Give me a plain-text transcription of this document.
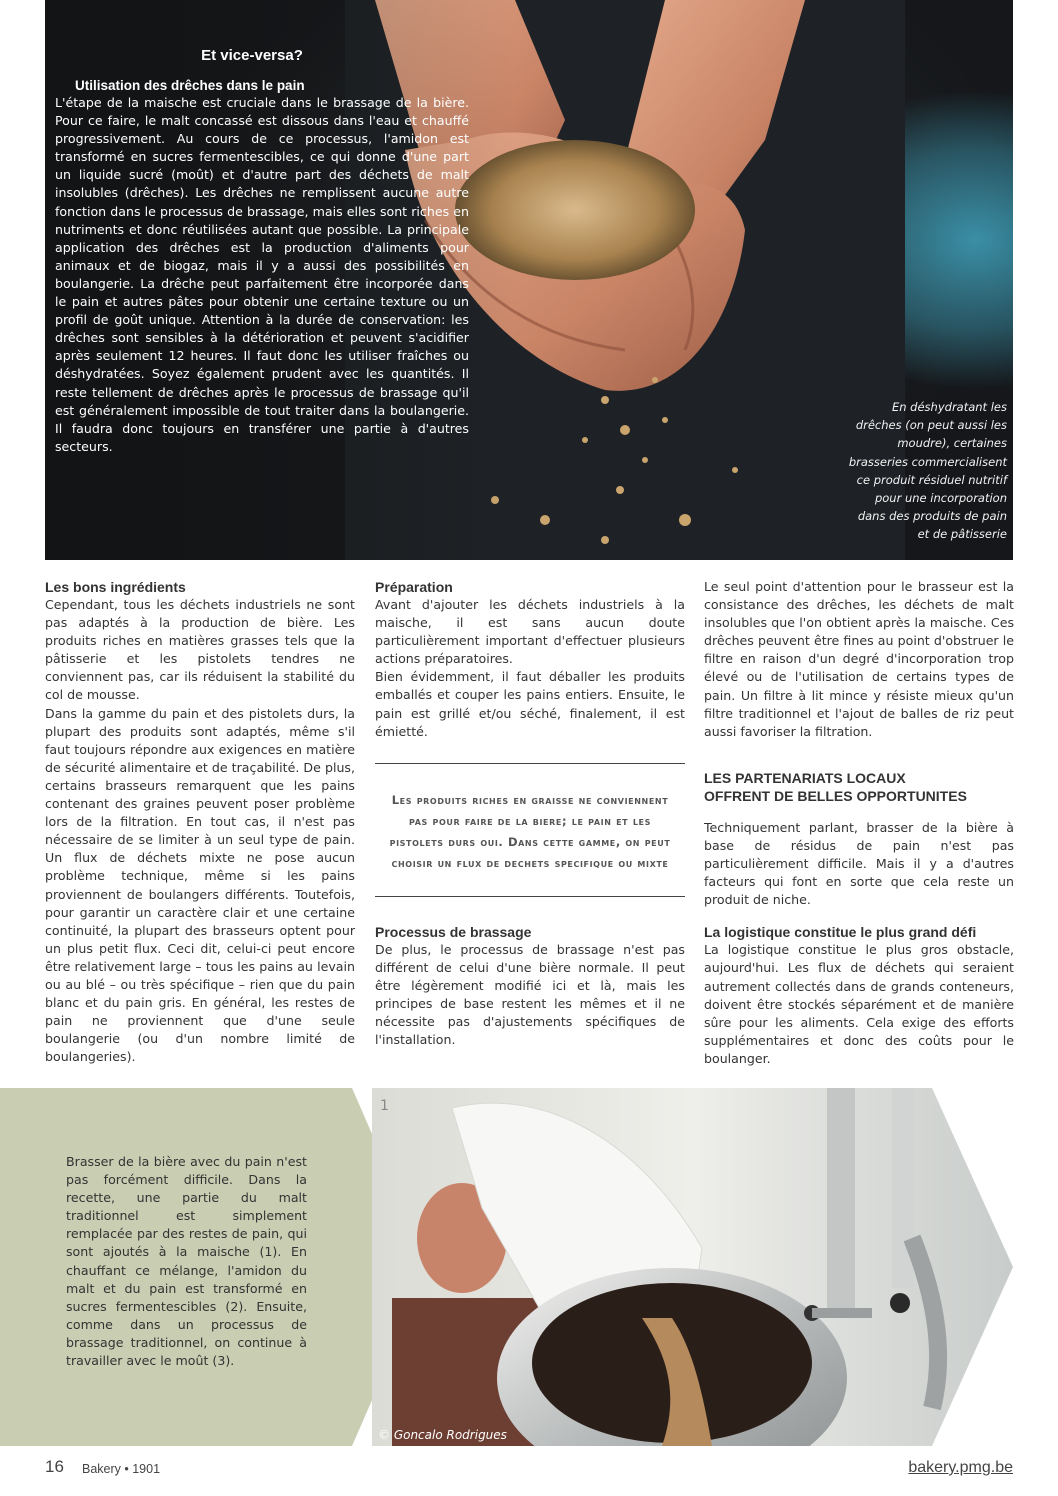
Et vice-versa?
Utilisation des drêches dans le pain
L'étape de la maische est cruciale dans le brassage de la bière. Pour ce faire, le malt concassé est dissous dans l'eau et chauffé progressivement. Au cours de ce processus, l'amidon est transformé en sucres fermentescibles, ce qui donne d'une part un liquide sucré (moût) et d'autre part des déchets de malt insolubles (drêches). Les drêches ne remplissent aucune autre fonction dans le processus de brassage, mais elles sont riches en nutriments et donc réutilisées autant que possible. La principale application des drêches est la production d'aliments pour animaux et de biogaz, mais il y a aussi des possibilités en boulangerie. La drêche peut parfaitement être incorporée dans le pain et autres pâtes pour obtenir une certaine texture ou un profil de goût unique. Attention à la durée de conservation: les drêches sont sensibles à la détérioration et peuvent s'acidifier après seulement 12 heures. Il faut donc les utiliser fraîches ou déshydratées. Soyez également prudent avec les quantités. Il reste tellement de drêches après le processus de brassage qu'il est généralement impossible de tout traiter dans la boulangerie. Il faudra donc toujours en transférer une partie à d'autres secteurs.
En déshydratant les drêches (on peut aussi les moudre), certaines brasseries commercialisent ce produit résiduel nutritif pour une incorporation dans des produits de pain et de pâtisserie
Les bons ingrédients

Cependant, tous les déchets industriels ne sont pas adaptés à la production de bière. Les produits riches en matières grasses tels que la pâtisserie et les pistolets tendres ne conviennent pas, car ils réduisent la stabilité du col de mousse.

Dans la gamme du pain et des pistolets durs, la plupart des produits sont adaptés, même s'il faut toujours répondre aux exigences en matière de sécurité alimentaire et de traçabilité. De plus, certains brasseurs remarquent que les pains contenant des graines peuvent poser problème lors de la filtration. En tout cas, il n'est pas nécessaire de se limiter à un seul type de pain. Un flux de déchets mixte ne pose aucun problème technique, même si les pains proviennent de boulangers différents. Toutefois, pour garantir un caractère clair et une certaine continuité, la plupart des brasseurs optent pour un plus petit flux. Ceci dit, celui-ci peut encore être relativement large – tous les pains au levain ou au blé – ou très spécifique – rien que du pain blanc et du pain gris. En général, les restes de pain ne proviennent que d'une seule boulangerie (ou d'un nombre limité de boulangeries).

Préparation

Avant d'ajouter les déchets industriels à la maische, il est sans aucun doute particulièrement important d'effectuer plusieurs actions préparatoires.

Bien évidemment, il faut déballer les produits emballés et couper les pains entiers. Ensuite, le pain est grillé et/ou séché, finalement, il est émietté.

Les produits riches en graisse ne conviennent pas pour faire de la biere; le pain et les pistolets durs oui. Dans cette gamme, on peut choisir un flux de dechets specifique ou mixte
Processus de brassage

De plus, le processus de brassage n'est pas différent de celui d'une bière normale. Il peut être légèrement modifié ici et là, mais les principes de base restent les mêmes et il ne nécessite pas d'ajustements spécifiques de l'installation.

Le seul point d'attention pour le brasseur est la consistance des drêches, les déchets de malt insolubles que l'on obtient après la maische. Ces drêches peuvent être fines au point d'obstruer le filtre en raison d'un degré d'incorporation trop élevé ou de l'utilisation de certains types de pain. Un filtre à lit mince y résiste mieux qu'un filtre traditionnel et l'ajout de balles de riz peut aussi favoriser la filtration.

LES PARTENARIATS LOCAUX
OFFRENT DE BELLES OPPORTUNITES

Techniquement parlant, brasser de la bière à base de résidus de pain n'est pas particulièrement difficile. Mais il y a d'autres facteurs qui font en sorte que cela reste un produit de niche.

La logistique constitue le plus grand défi

La logistique constitue le plus gros obstacle, aujourd'hui. Les flux de déchets qui seraient autrement collectés dans de grands conteneurs, doivent être stockés séparément et de manière sûre pour les aliments. Cela exige des efforts supplémentaires et donc des coûts pour le boulanger.

Brasser de la bière avec du pain n'est pas forcément difficile. Dans la recette, une partie du malt traditionnel est simplement remplacée par des restes de pain, qui sont ajoutés à la maische (1). En chauffant ce mélange, l'amidon du malt et du pain est transformé en sucres fermentescibles (2). Ensuite, comme dans un processus de brassage traditionnel, on continue à travailler avec le moût (3).
1
© Goncalo Rodrigues
16 Bakery • 1901	bakery.pmg.be
